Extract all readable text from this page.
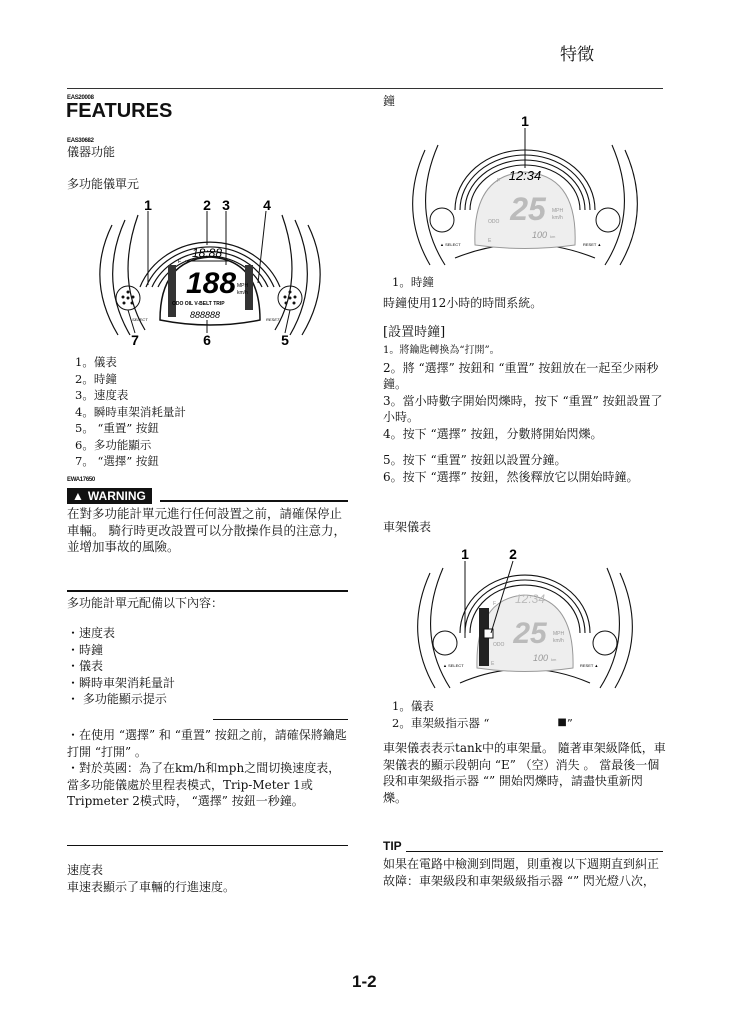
特徵
EAS20008
FEATURES
EAS30682
儀器功能
多功能儀單元
18:88
188 MPH
km/h
F
ODO OIL V-BELT TRIP
888888
SELECT	RESET
1	2 3 4
7	6	5
1。儀表
2。時鐘
3。速度表
4。瞬時車架消耗量計
5。 “重置” 按鈕
6。多功能顯示
7。 “選擇” 按鈕
EWA17650
▲ WARNING
在對多功能計單元進行任何設置之前，請確保停止車輛。 騎行時更改設置可以分散操作員的注意力，並增加事故的風險。
多功能計單元配備以下內容：
・速度表
・時鐘
・儀表
・瞬時車架消耗量計
・ 多功能顯示提示
・在使用 “選擇” 和 “重置” 按鈕之前，請確保將鑰匙打開 “打開” 。
・對於英國：為了在km/h和mph之間切換速度表，當多功能儀處於里程表模式，Trip-Meter 1或Tripmeter 2模式時， “選擇” 按鈕一秒鐘。
速度表
車速表顯示了車輛的行進速度。
鐘
1
12:34
25 MPH
km/h
ODO
100 km
F
E
▲ SELECT	RESET ▲
1。時鐘
時鐘使用12小時的時間系統。
[設置時鐘]
1。將鑰匙轉換為“打開”。
2。將 “選擇” 按鈕和 “重置” 按鈕放在一起至少兩秒鐘。
3。當小時數字開始閃爍時，按下 “重置” 按鈕設置了小時。
4。按下 “選擇” 按鈕，分數將開始閃爍。
5。按下 “重置” 按鈕以設置分鐘。
6。按下 “選擇” 按鈕，然後釋放它以開始時鐘。
車架儀表
1	2
12:34
25 MPH
km/h
ODO
100 km
F
E
▲ SELECT	RESET ▲
1。儀表
2。車架級指示器 “	■ ”
車架儀表表示tank中的車架量。 隨著車架級降低，車架儀表的顯示段朝向 “E” （空）消失 。 當最後一個段和車架級指示器 “” 開始閃爍時，請盡快重新閃爍。
TIP
如果在電路中檢測到問題，則重複以下週期直到糾正故障：車架級段和車架級級指示器 “” 閃光燈八次，
1-2
